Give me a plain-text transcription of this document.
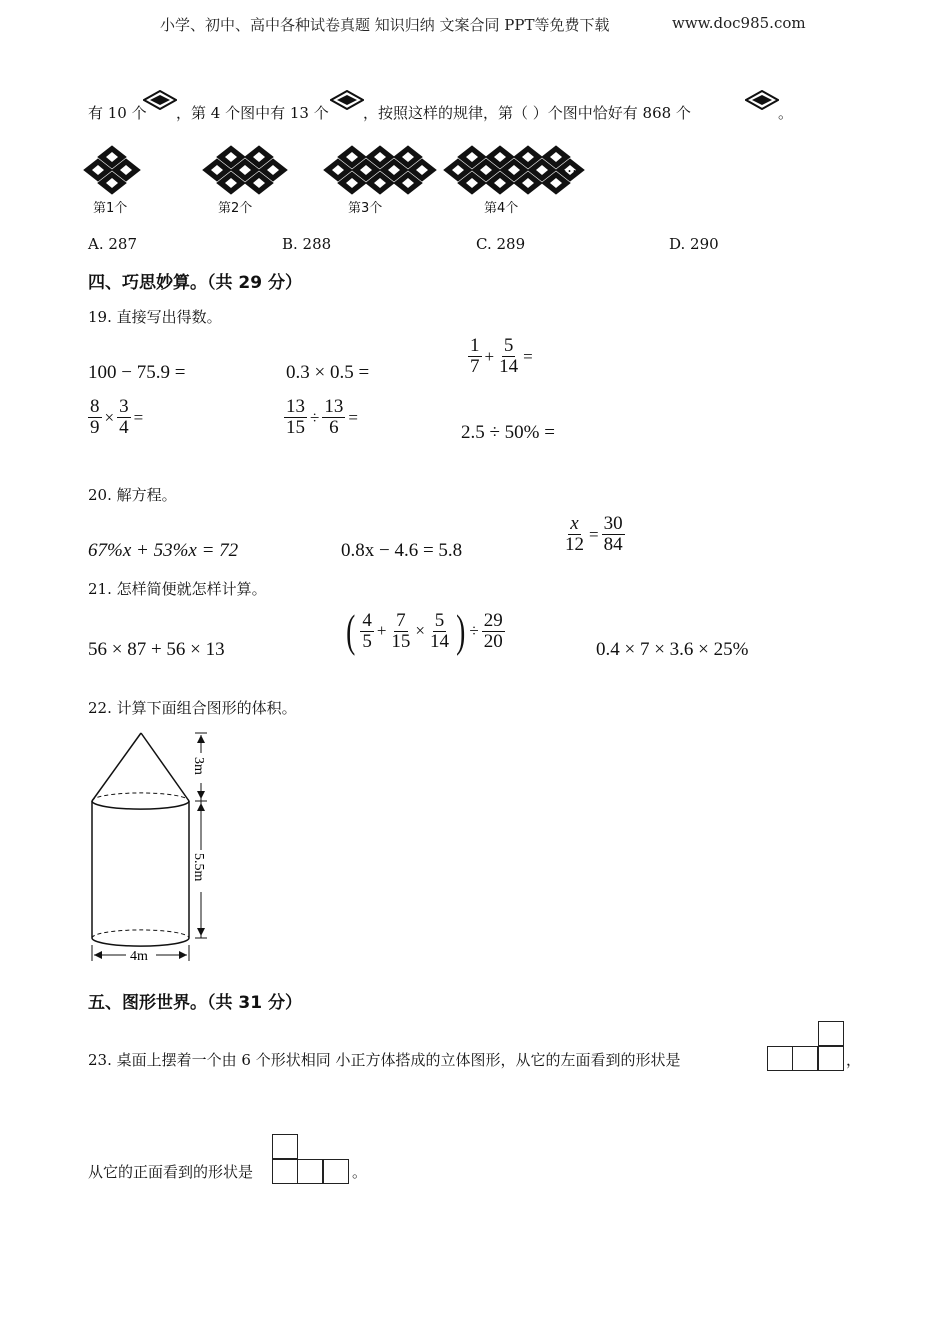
小学、初中、高中各种试卷真题 知识归纳 文案合同 PPT等免费下载	www.doc985.com
有 10 个 ，第 4 个图中有 13 个 ，按照这样的规律，第（ ）个图中恰好有 868 个	。
…
第1个	第2个	第3个	第4个
A. 287	B. 288	C. 289	D. 290
四、巧思妙算。（共 29 分）
19. 直接写出得数。
100 − 75.9 =	0.3 × 0.5 =	$\frac{1}{7} + \frac{5}{14}$ =
$\frac{8}{9} \times \frac{3}{4}$ =	$\frac{13}{15} \div \frac{13}{6}$ =
2.5 ÷ 50% =
20. 解方程。
67%x + 53%x = 72	0.8x − 4.6 = 5.8	$\frac{x}{12} = \frac{30}{84}$
21. 怎样简便就怎样计算。
56 × 87 + 56 × 13	( $\frac{4}{5} + \frac{7}{15} \times \frac{5}{14}$ ) ÷ $\frac{29}{20}$	0.4 × 7 × 3.6 × 25%
22. 计算下面组合图形的体积。
3m
5.5m
4m
五、图形世界。（共 31 分）
23. 桌面上摆着一个由 6 个形状相同 小正方体搭成的立体图形，从它的左面看到的形状是	，
从它的正面看到的形状是	。
